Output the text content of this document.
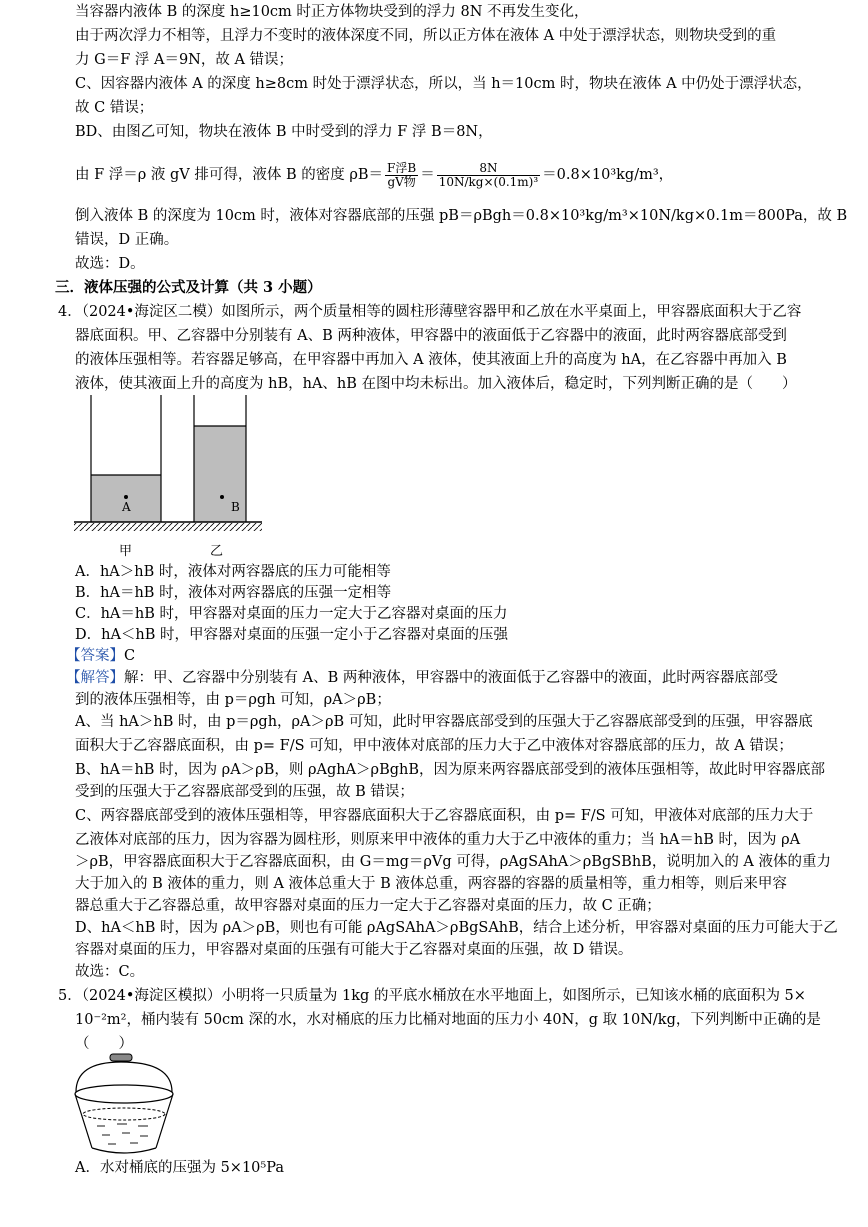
当容器内液体 B 的深度 h≥10cm 时正方体物块受到的浮力 8N 不再发生变化，
由于两次浮力不相等，且浮力不变时的液体深度不同，所以正方体在液体 A 中处于漂浮状态，则物块受到的重
力 G＝F 浮 A＝9N，故 A 错误；
C、因容器内液体 A 的深度 h≥8cm 时处于漂浮状态，所以，当 h＝10cm 时，物块在液体 A 中仍处于漂浮状态，
故 C 错误；
BD、由图乙可知，物块在液体 B 中时受到的浮力 F 浮 B＝8N，
由 F 浮＝ρ 液 gV 排可得，液体 B 的密度 $\rho B= \frac{\text{F浮B}}{\text{gV物}} = \frac{8N}{\text{10N/kg×(0.1m)³}} =0.8\times 10^3kg/m^3$，
倒入液体 B 的深度为 10cm 时，液体对容器底部的压强 pB＝ρBgh＝0.8×10³kg/m³×10N/kg×0.1m＝800Pa，故 B
错误，D 正确。
故选：D。
三．液体压强的公式及计算（共 3 小题）
4．（2024•海淀区二模）如图所示，两个质量相等的圆柱形薄壁容器甲和乙放在水平桌面上，甲容器底面积大于乙容
器底面积。甲、乙容器中分别装有 A、B 两种液体，甲容器中的液面低于乙容器中的液面，此时两容器底部受到
的液体压强相等。若容器足够高，在甲容器中再加入 A 液体，使其液面上升的高度为 hA，在乙容器中再加入 B
液体，使其液面上升的高度为 hB，hA、hB 在图中均未标出。加入液体后，稳定时，下列判断正确的是（　　）
A	B
甲	乙
A．hA＞hB 时，液体对两容器底的压力可能相等
B．hA＝hB 时，液体对两容器底的压强一定相等
C．hA＝hB 时，甲容器对桌面的压力一定大于乙容器对桌面的压力
D．hA＜hB 时，甲容器对桌面的压强一定小于乙容器对桌面的压强
【答案】C
【解答】解：甲、乙容器中分别装有 A、B 两种液体，甲容器中的液面低于乙容器中的液面，此时两容器底部受
到的液体压强相等，由 p＝ρgh 可知，ρA＞ρB；
A、当 hA＞hB 时，由 p＝ρgh，ρA＞ρB 可知，此时甲容器底部受到的压强大于乙容器底部受到的压强，甲容器底
面积大于乙容器底面积，由 p= F/S 可知，甲中液体对底部的压力大于乙中液体对容器底部的压力，故 A 错误；
B、hA＝hB 时，因为 ρA＞ρB，则 ρAghA＞ρBghB，因为原来两容器底部受到的液体压强相等，故此时甲容器底部
受到的压强大于乙容器底部受到的压强，故 B 错误；
C、两容器底部受到的液体压强相等，甲容器底面积大于乙容器底面积，由 p= F/S 可知，甲液体对底部的压力大于
乙液体对底部的压力，因为容器为圆柱形，则原来甲中液体的重力大于乙中液体的重力；当 hA＝hB 时，因为 ρA
＞ρB，甲容器底面积大于乙容器底面积，由 G＝mg＝ρVg 可得，ρAgSAhA＞ρBgSBhB，说明加入的 A 液体的重力
大于加入的 B 液体的重力，则 A 液体总重大于 B 液体总重，两容器的容器的质量相等，重力相等，则后来甲容
器总重大于乙容器总重，故甲容器对桌面的压力一定大于乙容器对桌面的压力，故 C 正确；
D、hA＜hB 时，因为 ρA＞ρB，则也有可能 ρAgSAhA＞ρBgSAhB，结合上述分析，甲容器对桌面的压力可能大于乙
容器对桌面的压力，甲容器对桌面的压强有可能大于乙容器对桌面的压强，故 D 错误。
故选：C。
5．（2024•海淀区模拟）小明将一只质量为 1kg 的平底水桶放在水平地面上，如图所示，已知该水桶的底面积为 5×
10⁻²m²，桶内装有 50cm 深的水，水对桶底的压力比桶对地面的压力小 40N，g 取 10N/kg，下列判断中正确的是
（　　）
A．水对桶底的压强为 5×10⁵Pa
